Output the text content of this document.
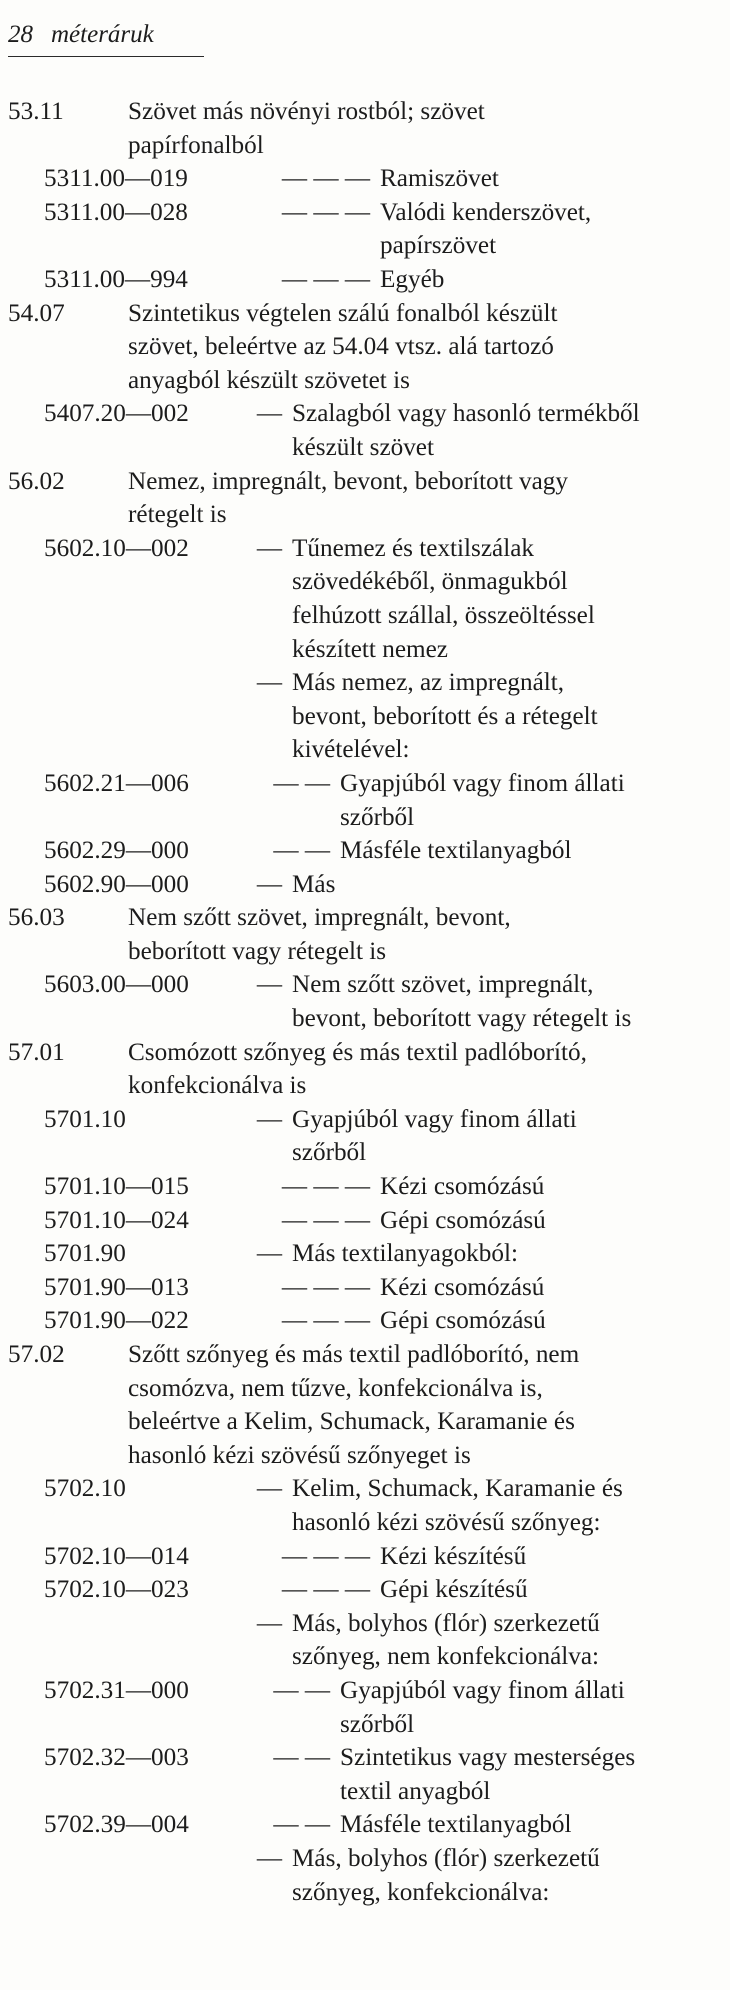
28 méteráruk
53.11	Szövet más növényi rostból; szövet
papírfonalból
5311.00—019	— — — Ramiszövet
5311.00—028	— — — Valódi kenderszövet,
papírszövet
5311.00—994	— — — Egyéb
54.07	Szintetikus végtelen szálú fonalból készült
szövet, beleértve az 54.04 vtsz. alá tartozó
anyagból készült szövetet is
5407.20—002	— Szalagból vagy hasonló termékből
készült szövet
56.02	Nemez, impregnált, bevont, beborított vagy
rétegelt is
5602.10—002	— Tűnemez és textilszálak
szövedékéből, önmagukból
felhúzott szállal, összeöltéssel
készített nemez
— Más nemez, az impregnált,
bevont, beborított és a rétegelt
kivételével:
5602.21—006	— — Gyapjúból vagy finom állati
szőrből
5602.29—000	— — Másféle textilanyagból
5602.90—000	— Más
56.03	Nem szőtt szövet, impregnált, bevont,
beborított vagy rétegelt is
5603.00—000	— Nem szőtt szövet, impregnált,
bevont, beborított vagy rétegelt is
57.01	Csomózott szőnyeg és más textil padlóborító,
konfekcionálva is
5701.10	— Gyapjúból vagy finom állati
szőrből
5701.10—015	— — — Kézi csomózású
5701.10—024	— — — Gépi csomózású
5701.90	— Más textilanyagokból:
5701.90—013	— — — Kézi csomózású
5701.90—022	— — — Gépi csomózású
57.02	Szőtt szőnyeg és más textil padlóborító, nem
csomózva, nem tűzve, konfekcionálva is,
beleértve a Kelim, Schumack, Karamanie és
hasonló kézi szövésű szőnyeget is
5702.10	— Kelim, Schumack, Karamanie és
hasonló kézi szövésű szőnyeg:
5702.10—014	— — — Kézi készítésű
5702.10—023	— — — Gépi készítésű
— Más, bolyhos (flór) szerkezetű
szőnyeg, nem konfekcionálva:
5702.31—000	— — Gyapjúból vagy finom állati
szőrből
5702.32—003	— — Szintetikus vagy mesterséges
textil anyagból
5702.39—004	— — Másféle textilanyagból
— Más, bolyhos (flór) szerkezetű
szőnyeg, konfekcionálva:
